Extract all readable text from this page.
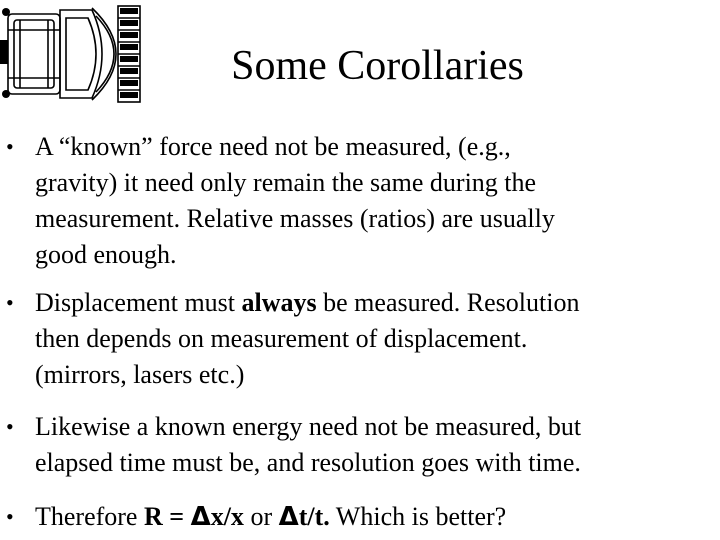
Some Corollaries
• A “known” force need not be measured, (e.g.,
gravity) it need only remain the same during the
measurement. Relative masses (ratios) are usually
good enough.
• Displacement must always be measured. Resolution
then depends on measurement of displacement.
(mirrors, lasers etc.)
• Likewise a known energy need not be measured, but
elapsed time must be, and resolution goes with time.
• Therefore R = Δx/x or Δt/t. Which is better?
